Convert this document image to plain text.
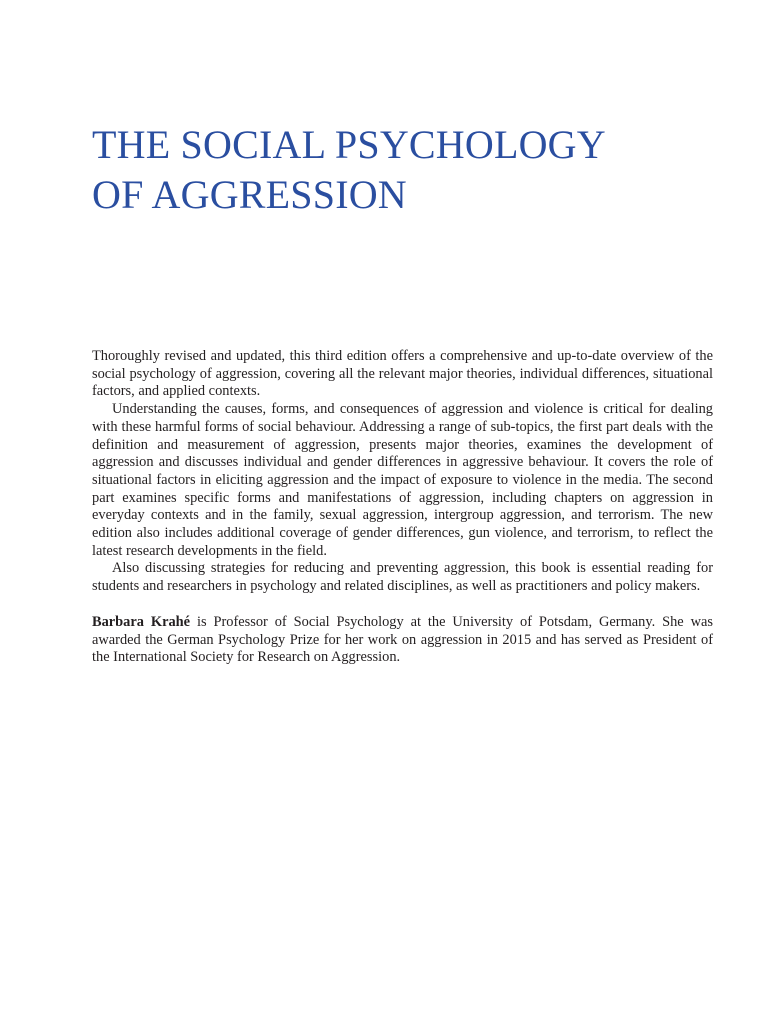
THE SOCIAL PSYCHOLOGY
OF AGGRESSION

Thoroughly revised and updated, this third edition offers a comprehensive and up-to-date overview of the social psychology of aggression, covering all the relevant major theories, individual differences, situational factors, and applied contexts.

Understanding the causes, forms, and consequences of aggression and violence is critical for dealing with these harmful forms of social behaviour. Addressing a range of sub-topics, the first part deals with the definition and measurement of aggression, presents major theories, examines the development of aggression and discusses individual and gender differences in aggressive behaviour. It covers the role of situational factors in eliciting aggression and the impact of exposure to violence in the media. The second part examines specific forms and manifestations of aggression, including chapters on aggression in everyday contexts and in the family, sexual aggression, intergroup aggression, and terrorism. The new edition also includes additional coverage of gender differences, gun violence, and terrorism, to reflect the latest research developments in the field.

Also discussing strategies for reducing and preventing aggression, this book is essential reading for students and researchers in psychology and related disciplines, as well as practitioners and policy makers.

Barbara Krahé is Professor of Social Psychology at the University of Potsdam, Germany. She was awarded the German Psychology Prize for her work on aggression in 2015 and has served as President of the International Society for Research on Aggression.
